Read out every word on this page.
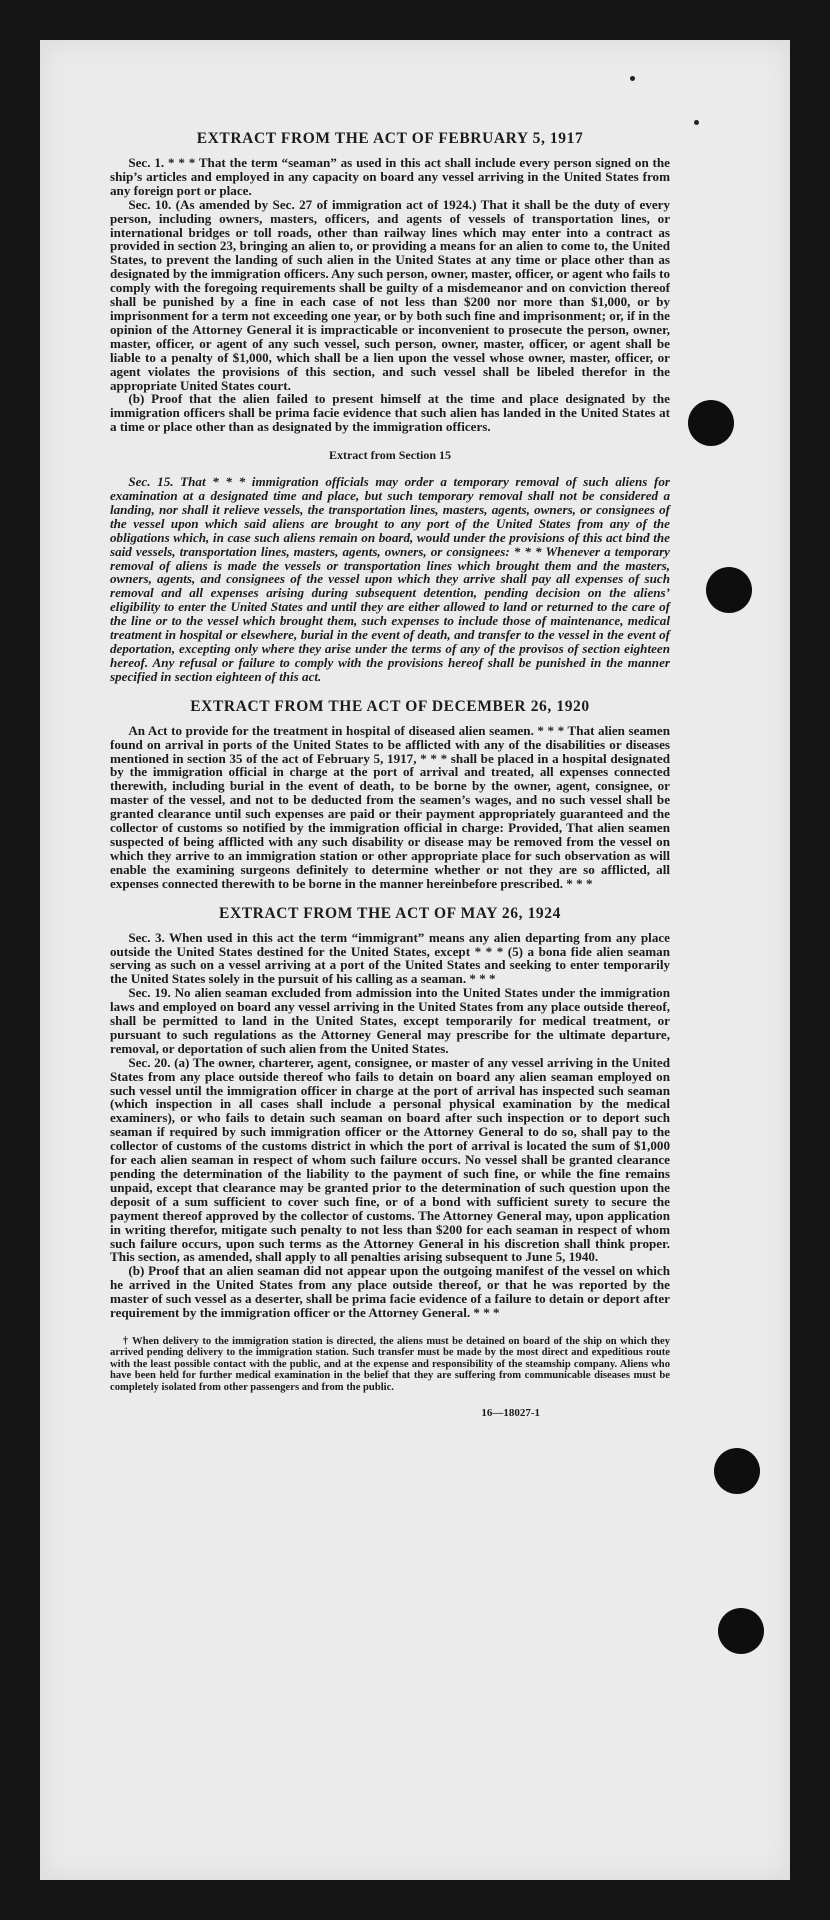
EXTRACT FROM THE ACT OF FEBRUARY 5, 1917

Sec. 1. * * * That the term “seaman” as used in this act shall include every person signed on the ship’s articles and employed in any capacity on board any vessel arriving in the United States from any foreign port or place.

Sec. 10. (As amended by Sec. 27 of immigration act of 1924.) That it shall be the duty of every person, including owners, masters, officers, and agents of vessels of transportation lines, or international bridges or toll roads, other than railway lines which may enter into a contract as provided in section 23, bringing an alien to, or providing a means for an alien to come to, the United States, to prevent the landing of such alien in the United States at any time or place other than as designated by the immigration officers. Any such person, owner, master, officer, or agent who fails to comply with the foregoing requirements shall be guilty of a misdemeanor and on conviction thereof shall be punished by a fine in each case of not less than $200 nor more than $1,000, or by imprisonment for a term not exceeding one year, or by both such fine and imprisonment; or, if in the opinion of the Attorney General it is impracticable or inconvenient to prosecute the person, owner, master, officer, or agent of any such vessel, such person, owner, master, officer, or agent shall be liable to a penalty of $1,000, which shall be a lien upon the vessel whose owner, master, officer, or agent violates the provisions of this section, and such vessel shall be libeled therefor in the appropriate United States court.

(b) Proof that the alien failed to present himself at the time and place designated by the immigration officers shall be prima facie evidence that such alien has landed in the United States at a time or place other than as designated by the immigration officers.

Extract from Section 15

Sec. 15. That * * * immigration officials may order a temporary removal of such aliens for examination at a designated time and place, but such temporary removal shall not be considered a landing, nor shall it relieve vessels, the transportation lines, masters, agents, owners, or consignees of the vessel upon which said aliens are brought to any port of the United States from any of the obligations which, in case such aliens remain on board, would under the provisions of this act bind the said vessels, transportation lines, masters, agents, owners, or consignees: * * * Whenever a temporary removal of aliens is made the vessels or transportation lines which brought them and the masters, owners, agents, and consignees of the vessel upon which they arrive shall pay all expenses of such removal and all expenses arising during subsequent detention, pending decision on the aliens’ eligibility to enter the United States and until they are either allowed to land or returned to the care of the line or to the vessel which brought them, such expenses to include those of maintenance, medical treatment in hospital or elsewhere, burial in the event of death, and transfer to the vessel in the event of deportation, excepting only where they arise under the terms of any of the provisos of section eighteen hereof. Any refusal or failure to comply with the provisions hereof shall be punished in the manner specified in section eighteen of this act.

EXTRACT FROM THE ACT OF DECEMBER 26, 1920

An Act to provide for the treatment in hospital of diseased alien seamen. * * * That alien seamen found on arrival in ports of the United States to be afflicted with any of the disabilities or diseases mentioned in section 35 of the act of February 5, 1917, * * * shall be placed in a hospital designated by the immigration official in charge at the port of arrival and treated, all expenses connected therewith, including burial in the event of death, to be borne by the owner, agent, consignee, or master of the vessel, and not to be deducted from the seamen’s wages, and no such vessel shall be granted clearance until such expenses are paid or their payment appropriately guaranteed and the collector of customs so notified by the immigration official in charge: Provided, That alien seamen suspected of being afflicted with any such disability or disease may be removed from the vessel on which they arrive to an immigration station or other appropriate place for such observation as will enable the examining surgeons definitely to determine whether or not they are so afflicted, all expenses connected therewith to be borne in the manner hereinbefore prescribed. * * *

EXTRACT FROM THE ACT OF MAY 26, 1924

Sec. 3. When used in this act the term “immigrant” means any alien departing from any place outside the United States destined for the United States, except * * * (5) a bona fide alien seaman serving as such on a vessel arriving at a port of the United States and seeking to enter temporarily the United States solely in the pursuit of his calling as a seaman. * * *

Sec. 19. No alien seaman excluded from admission into the United States under the immigration laws and employed on board any vessel arriving in the United States from any place outside thereof, shall be permitted to land in the United States, except temporarily for medical treatment, or pursuant to such regulations as the Attorney General may prescribe for the ultimate departure, removal, or deportation of such alien from the United States.

Sec. 20. (a) The owner, charterer, agent, consignee, or master of any vessel arriving in the United States from any place outside thereof who fails to detain on board any alien seaman employed on such vessel until the immigration officer in charge at the port of arrival has inspected such seaman (which inspection in all cases shall include a personal physical examination by the medical examiners), or who fails to detain such seaman on board after such inspection or to deport such seaman if required by such immigration officer or the Attorney General to do so, shall pay to the collector of customs of the customs district in which the port of arrival is located the sum of $1,000 for each alien seaman in respect of whom such failure occurs. No vessel shall be granted clearance pending the determination of the liability to the payment of such fine, or while the fine remains unpaid, except that clearance may be granted prior to the determination of such question upon the deposit of a sum sufficient to cover such fine, or of a bond with sufficient surety to secure the payment thereof approved by the collector of customs. The Attorney General may, upon application in writing therefor, mitigate such penalty to not less than $200 for each seaman in respect of whom such failure occurs, upon such terms as the Attorney General in his discretion shall think proper. This section, as amended, shall apply to all penalties arising subsequent to June 5, 1940.

(b) Proof that an alien seaman did not appear upon the outgoing manifest of the vessel on which he arrived in the United States from any place outside thereof, or that he was reported by the master of such vessel as a deserter, shall be prima facie evidence of a failure to detain or deport after requirement by the immigration officer or the Attorney General. * * *

† When delivery to the immigration station is directed, the aliens must be detained on board of the ship on which they arrived pending delivery to the immigration station. Such transfer must be made by the most direct and expeditious route with the least possible contact with the public, and at the expense and responsibility of the steamship company. Aliens who have been held for further medical examination in the belief that they are suffering from communicable diseases must be completely isolated from other passengers and from the public.

16—18027-1
